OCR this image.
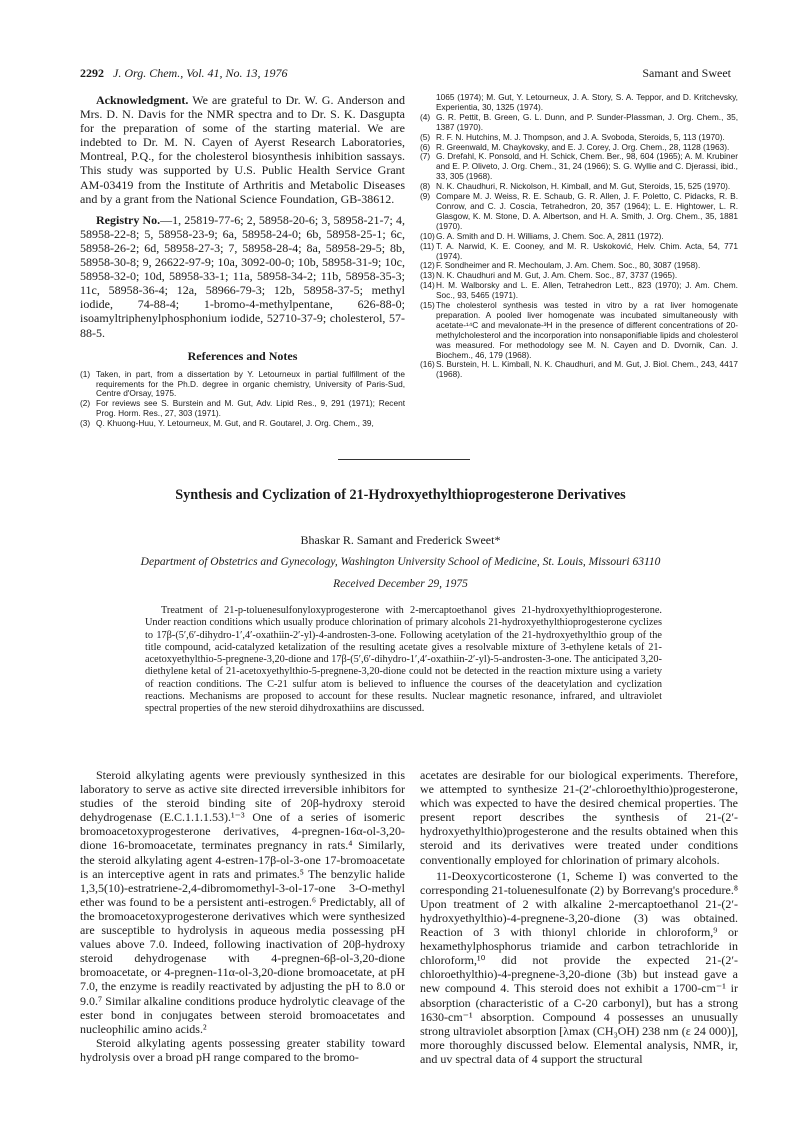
2292 J. Org. Chem., Vol. 41, No. 13, 1976	Samant and Sweet

Acknowledgment. We are grateful to Dr. W. G. Anderson and Mrs. D. N. Davis for the NMR spectra and to Dr. S. K. Dasgupta for the preparation of some of the starting material. We are indebted to Dr. M. N. Cayen of Ayerst Research Laboratories, Montreal, P.Q., for the cholesterol biosynthesis inhibition sassays. This study was supported by U.S. Public Health Service Grant AM-03419 from the Institute of Arthritis and Metabolic Diseases and by a grant from the National Science Foundation, GB-38612.

Registry No.—1, 25819-77-6; 2, 58958-20-6; 3, 58958-21-7; 4, 58958-22-8; 5, 58958-23-9; 6a, 58958-24-0; 6b, 58958-25-1; 6c, 58958-26-2; 6d, 58958-27-3; 7, 58958-28-4; 8a, 58958-29-5; 8b, 58958-30-8; 9, 26622-97-9; 10a, 3092-00-0; 10b, 58958-31-9; 10c, 58958-32-0; 10d, 58958-33-1; 11a, 58958-34-2; 11b, 58958-35-3; 11c, 58958-36-4; 12a, 58966-79-3; 12b, 58958-37-5; methyl iodide, 74-88-4; 1-bromo-4-methylpentane, 626-88-0; isoamyltriphenylphosphonium iodide, 52710-37-9; cholesterol, 57-88-5.

References and Notes
(1) Taken, in part, from a dissertation by Y. Letourneux in partial fulfillment of the requirements for the Ph.D. degree in organic chemistry, University of Paris-Sud, Centre d'Orsay, 1975.
(2) For reviews see S. Burstein and M. Gut, Adv. Lipid Res., 9, 291 (1971); Recent Prog. Horm. Res., 27, 303 (1971).
(3) Q. Khuong-Huu, Y. Letourneux, M. Gut, and R. Goutarel, J. Org. Chem., 39,

1065 (1974); M. Gut, Y. Letourneux, J. A. Story, S. A. Teppor, and D. Kritchevsky, Experientia, 30, 1325 (1974).

(4) G. R. Pettit, B. Green, G. L. Dunn, and P. Sunder-Plassman, J. Org. Chem., 35, 1387 (1970).
(5) R. F. N. Hutchins, M. J. Thompson, and J. A. Svoboda, Steroids, 5, 113 (1970).
(6) R. Greenwald, M. Chaykovsky, and E. J. Corey, J. Org. Chem., 28, 1128 (1963).
(7) G. Drefahl, K. Ponsold, and H. Schick, Chem. Ber., 98, 604 (1965); A. M. Krubiner and E. P. Oliveto, J. Org. Chem., 31, 24 (1966); S. G. Wyllie and C. Djerassi, ibid., 33, 305 (1968).
(8) N. K. Chaudhuri, R. Nickolson, H. Kimball, and M. Gut, Steroids, 15, 525 (1970).
(9) Compare M. J. Weiss, R. E. Schaub, G. R. Allen, J. F. Poletto, C. Pidacks, R. B. Conrow, and C. J. Coscia, Tetrahedron, 20, 357 (1964); L. E. Hightower, L. R. Glasgow, K. M. Stone, D. A. Albertson, and H. A. Smith, J. Org. Chem., 35, 1881 (1970).
(10) G. A. Smith and D. H. Williams, J. Chem. Soc. A, 2811 (1972).
(11) T. A. Narwid, K. E. Cooney, and M. R. Uskoković, Helv. Chim. Acta, 54, 771 (1974).
(12) F. Sondheimer and R. Mechoulam, J. Am. Chem. Soc., 80, 3087 (1958).
(13) N. K. Chaudhuri and M. Gut, J. Am. Chem. Soc., 87, 3737 (1965).
(14) H. M. Walborsky and L. E. Allen, Tetrahedron Lett., 823 (1970); J. Am. Chem. Soc., 93, 5465 (1971).
(15) The cholesterol synthesis was tested in vitro by a rat liver homogenate preparation. A pooled liver homogenate was incubated simultaneously with acetate-¹⁴C and mevalonate-³H in the presence of different concentrations of 20-methylcholesterol and the incorporation into nonsaponifiable lipids and cholesterol was measured. For methodology see M. N. Cayen and D. Dvornik, Can. J. Biochem., 46, 179 (1968).
(16) S. Burstein, H. L. Kimball, N. K. Chaudhuri, and M. Gut, J. Biol. Chem., 243, 4417 (1968).
Synthesis and Cyclization of 21-Hydroxyethylthioprogesterone Derivatives
Bhaskar R. Samant and Frederick Sweet*
Department of Obstetrics and Gynecology, Washington University School of Medicine, St. Louis, Missouri 63110
Received December 29, 1975

Treatment of 21-p-toluenesulfonyloxyprogesterone with 2-mercaptoethanol gives 21-hydroxyethylthioprogesterone. Under reaction conditions which usually produce chlorination of primary alcohols 21-hydroxyethylthioprogesterone cyclizes to 17β-(5′,6′-dihydro-1′,4′-oxathiin-2′-yl)-4-androsten-3-one. Following acetylation of the 21-hydroxyethylthio group of the title compound, acid-catalyzed ketalization of the resulting acetate gives a resolvable mixture of 3-ethylene ketals of 21-acetoxyethylthio-5-pregnene-3,20-dione and 17β-(5′,6′-dihydro-1′,4′-oxathiin-2′-yl)-5-androsten-3-one. The anticipated 3,20-diethylene ketal of 21-acetoxyethylthio-5-pregnene-3,20-dione could not be detected in the reaction mixture using a variety of reaction conditions. The C-21 sulfur atom is believed to influence the courses of the deacetylation and cyclization reactions. Mechanisms are proposed to account for these results. Nuclear magnetic resonance, infrared, and ultraviolet spectral properties of the new steroid dihydroxathiins are discussed.

Steroid alkylating agents were previously synthesized in this laboratory to serve as active site directed irreversible inhibitors for studies of the steroid binding site of 20β-hydroxy steroid dehydrogenase (E.C.1.1.1.53).¹⁻³ One of a series of isomeric bromoacetoxyprogesterone derivatives, 4-pregnen-16α-ol-3,20-dione 16-bromoacetate, terminates pregnancy in rats.⁴ Similarly, the steroid alkylating agent 4-estren-17β-ol-3-one 17-bromoacetate is an interceptive agent in rats and primates.⁵ The benzylic halide 1,3,5(10)-estratriene-2,4-dibromomethyl-3-ol-17-one 3-O-methyl ether was found to be a persistent anti-estrogen.⁶ Predictably, all of the bromoacetoxyprogesterone derivatives which were synthesized are susceptible to hydrolysis in aqueous media possessing pH values above 7.0. Indeed, following inactivation of 20β-hydroxy steroid dehydrogenase with 4-pregnen-6β-ol-3,20-dione bromoacetate, or 4-pregnen-11α-ol-3,20-dione bromoacetate, at pH 7.0, the enzyme is readily reactivated by adjusting the pH to 8.0 or 9.0.⁷ Similar alkaline conditions produce hydrolytic cleavage of the ester bond in conjugates between steroid bromoacetates and nucleophilic amino acids.²

Steroid alkylating agents possessing greater stability toward hydrolysis over a broad pH range compared to the bromo-

acetates are desirable for our biological experiments. Therefore, we attempted to synthesize 21-(2′-chloroethylthio)progesterone, which was expected to have the desired chemical properties. The present report describes the synthesis of 21-(2′-hydroxyethylthio)progesterone and the results obtained when this steroid and its derivatives were treated under conditions conventionally employed for chlorination of primary alcohols.

11-Deoxycorticosterone (1, Scheme I) was converted to the corresponding 21-toluenesulfonate (2) by Borrevang's procedure.⁸ Upon treatment of 2 with alkaline 2-mercaptoethanol 21-(2′-hydroxyethylthio)-4-pregnene-3,20-dione (3) was obtained. Reaction of 3 with thionyl chloride in chloroform,⁹ or hexamethylphosphorus triamide and carbon tetrachloride in chloroform,¹⁰ did not provide the expected 21-(2′-chloroethylthio)-4-pregnene-3,20-dione (3b) but instead gave a new compound 4. This steroid does not exhibit a 1700-cm⁻¹ ir absorption (characteristic of a C-20 carbonyl), but has a strong 1630-cm⁻¹ absorption. Compound 4 possesses an unusually strong ultraviolet absorption [λmax (CH₃OH) 238 nm (ε 24 000)], more thoroughly discussed below. Elemental analysis, NMR, ir, and uv spectral data of 4 support the structural
